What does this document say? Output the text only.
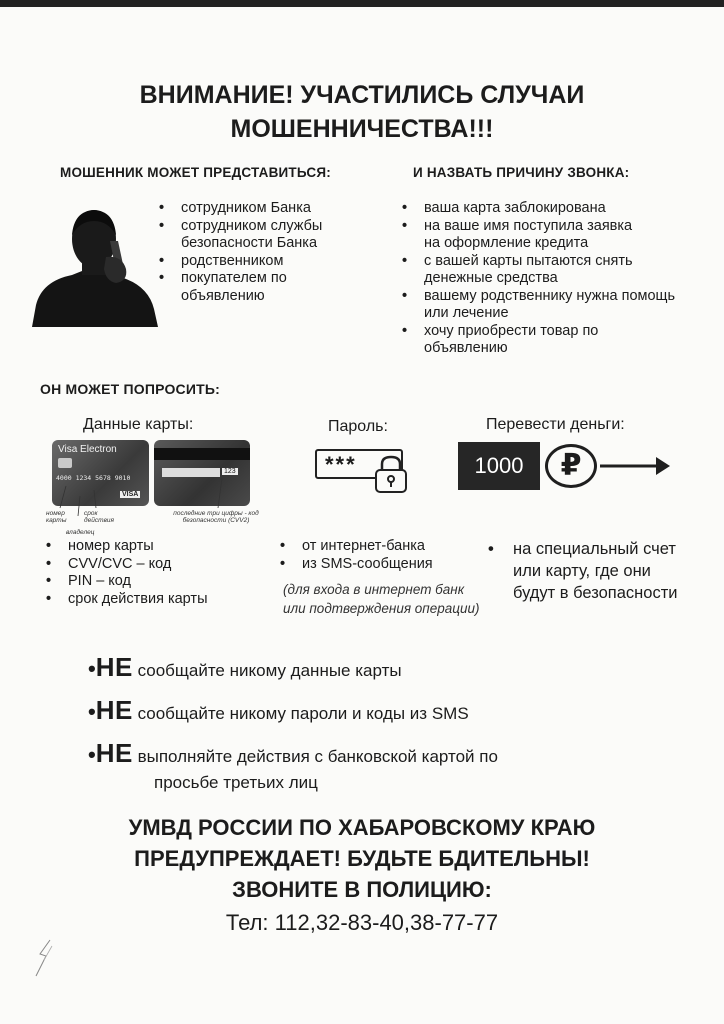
ВНИМАНИЕ! УЧАСТИЛИСЬ СЛУЧАИ
МОШЕННИЧЕСТВА!!!
МОШЕННИК МОЖЕТ ПРЕДСТАВИТЬСЯ:	И НАЗВАТЬ ПРИЧИНУ ЗВОНКА:
• сотрудником Банка
• сотрудником службы безопасности Банка
• родственником
• покупателем по объявлению
• ваша карта заблокирована
• на ваше имя поступила заявка на оформление кредита
• с вашей карты пытаются снять денежные средства
• вашему родственнику нужна помощь или лечение
• хочу приобрести товар по объявлению
ОН МОЖЕТ ПОПРОСИТЬ:
Данные карты:	Пароль:	Перевести деньги:
Visa Electron
4000 1234 5678 9010
VISA
123
номер карты
срок действия
владелец
последние три цифры - код безопасности (CVV2)
***	1000	₽
• номер карты
• CVV/CVC – код
• PIN – код
• срок действия карты
• от интернет-банка
• из SMS-сообщения
(для входа в интернет банк или подтверждения операции)
• на специальный счет или карту, где они будут в безопасности
•НЕ сообщайте никому данные карты
•НЕ сообщайте никому пароли и коды из SMS
•НЕ выполняйте действия с банковской картой по
просьбе третьих лиц
УМВД РОССИИ ПО ХАБАРОВСКОМУ КРАЮ
ПРЕДУПРЕЖДАЕТ! БУДЬТЕ БДИТЕЛЬНЫ!
ЗВОНИТЕ В ПОЛИЦИЮ:
Тел: 112,32-83-40,38-77-77
